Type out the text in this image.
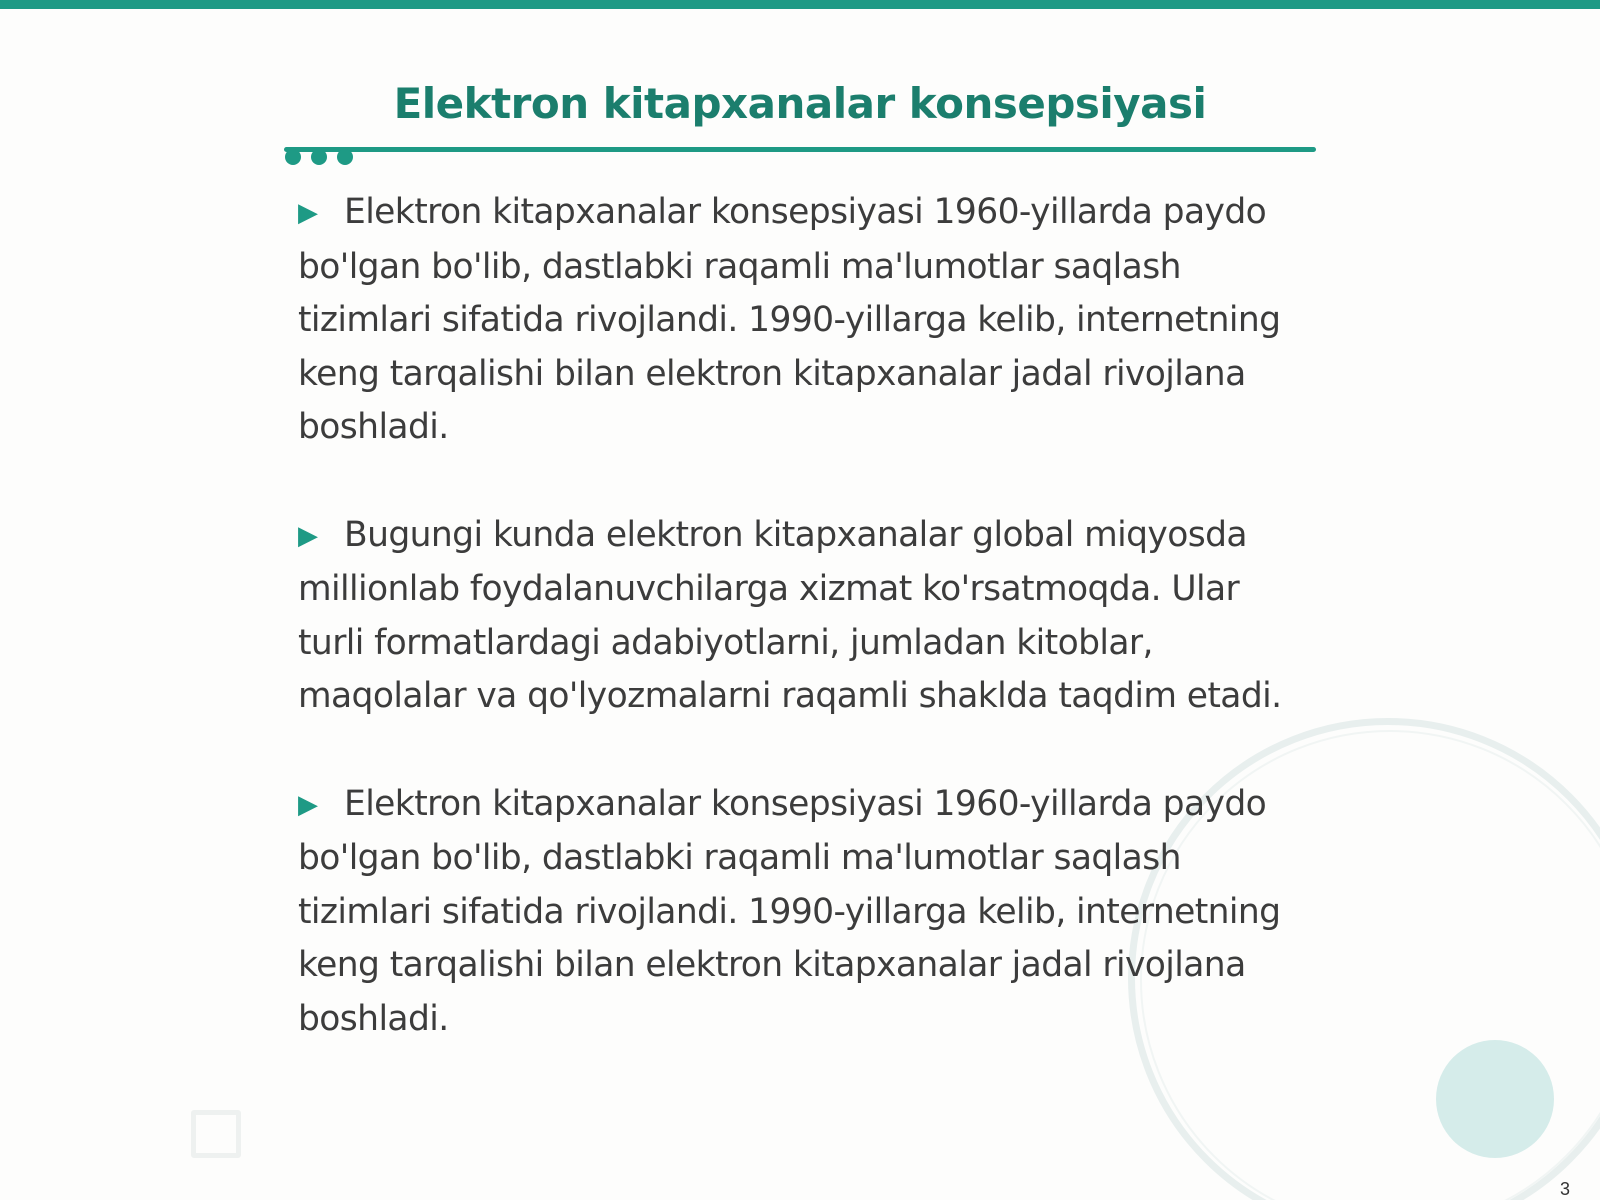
Elektron kitapxanalar konsepsiyasi

▶ Elektron kitapxanalar konsepsiyasi 1960-yillarda paydo bo'lgan bo'lib, dastlabki raqamli ma'lumotlar saqlash tizimlari sifatida rivojlandi. 1990-yillarga kelib, internetning keng tarqalishi bilan elektron kitapxanalar jadal rivojlana boshladi.

▶ Bugungi kunda elektron kitapxanalar global miqyosda millionlab foydalanuvchilarga xizmat ko'rsatmoqda. Ular turli formatlardagi adabiyotlarni, jumladan kitoblar, maqolalar va qo'lyozmalarni raqamli shaklda taqdim etadi.

▶ Elektron kitapxanalar konsepsiyasi 1960-yillarda paydo bo'lgan bo'lib, dastlabki raqamli ma'lumotlar saqlash tizimlari sifatida rivojlandi. 1990-yillarga kelib, internetning keng tarqalishi bilan elektron kitapxanalar jadal rivojlana boshladi.

3
